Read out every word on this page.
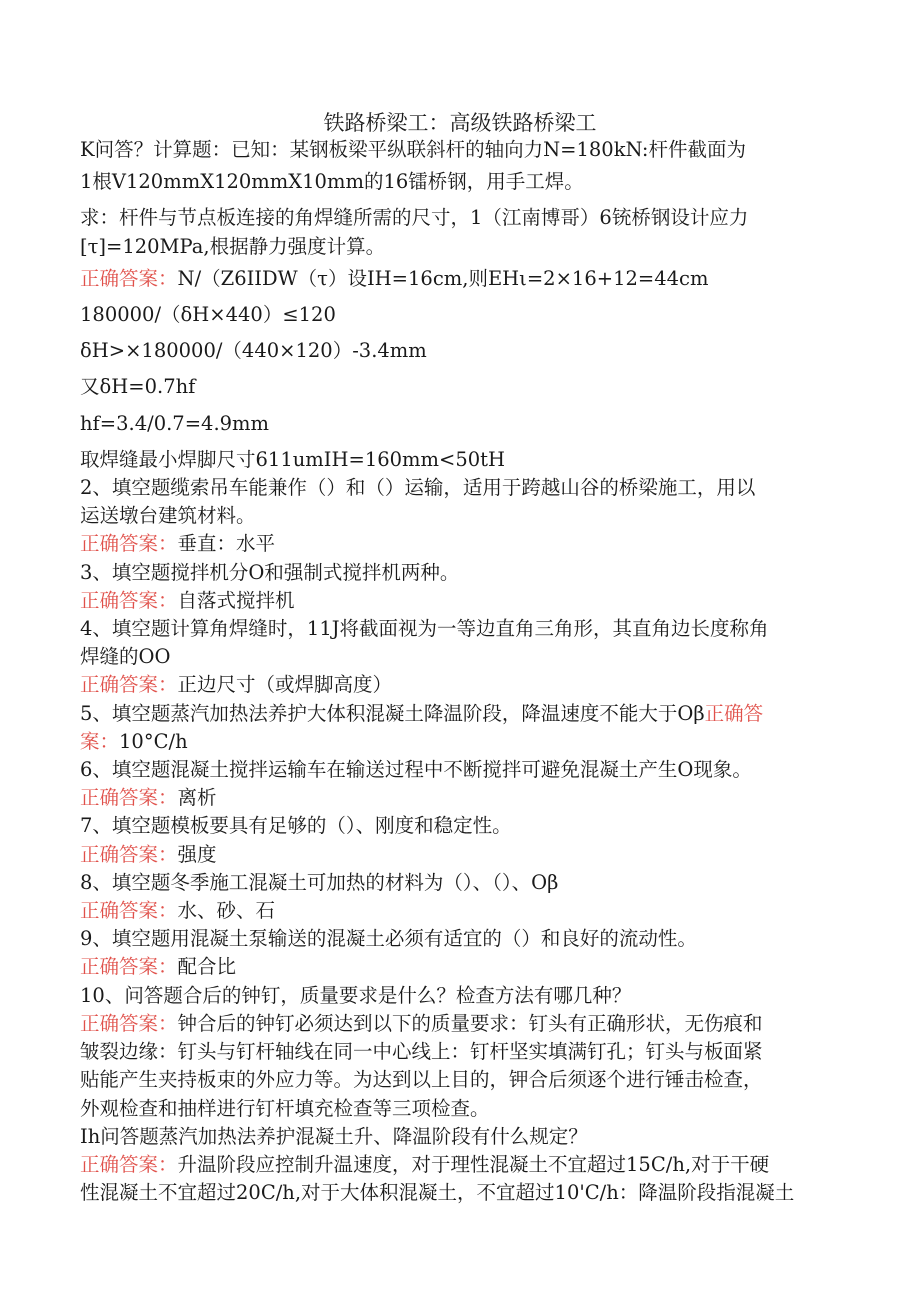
铁路桥梁工：高级铁路桥梁工

K问答？计算题：已知：某钢板梁平纵联斜杆的轴向力N=180kN:杆件截面为

1根V120mmX120mmX10mm的16镭桥钢，用手工焊。

求：杆件与节点板连接的角焊缝所需的尺寸，1（江南博哥）6铳桥钢设计应力

[τ]=120MPa,根据静力强度计算。

正确答案：N/（Z6IIDW（τ）设IH=16cm,则EHι=2×16+12=44cm

180000/（δH×440）≤120

δH>×180000/（440×120）-3.4mm

又δH=0.7hf

hf=3.4/0.7=4.9mm

取焊缝最小焊脚尺寸611umIH=160mm<50tH

2、填空题缆索吊车能兼作（）和（）运输，适用于跨越山谷的桥梁施工，用以

运送墩台建筑材料。

正确答案：垂直：水平

3、填空题搅拌机分O和强制式搅拌机两种。

正确答案：自落式搅拌机

4、填空题计算角焊缝时，11J将截面视为一等边直角三角形，其直角边长度称角

焊缝的OO

正确答案：正边尺寸（或焊脚高度）

5、填空题蒸汽加热法养护大体积混凝土降温阶段，降温速度不能大于Oβ正确答

案：10°C∕h

6、填空题混凝土搅拌运输车在输送过程中不断搅拌可避免混凝土产生O现象。

正确答案：离析

7、填空题模板要具有足够的（）、刚度和稳定性。

正确答案：强度

8、填空题冬季施工混凝土可加热的材料为（）、（）、Oβ

正确答案：水、砂、石

9、填空题用混凝土泵输送的混凝土必须有适宜的（）和良好的流动性。

正确答案：配合比

10、问答题合后的钟钉，质量要求是什么？检查方法有哪几种？

正确答案：钟合后的钟钉必须达到以下的质量要求：钉头有正确形状，无伤痕和

皱裂边缘：钉头与钉杆轴线在同一中心线上：钉杆坚实填满钉孔；钉头与板面紧

贴能产生夹持板束的外应力等。为达到以上目的，钾合后须逐个进行锤击检查，

外观检查和抽样进行钉杆填充检查等三项检查。

Ih问答题蒸汽加热法养护混凝土升、降温阶段有什么规定？

正确答案：升温阶段应控制升温速度，对于理性混凝土不宜超过15C∕h,对于干硬

性混凝土不宜超过20C∕h,对于大体积混凝土，不宜超过10'C∕h：降温阶段指混凝土
